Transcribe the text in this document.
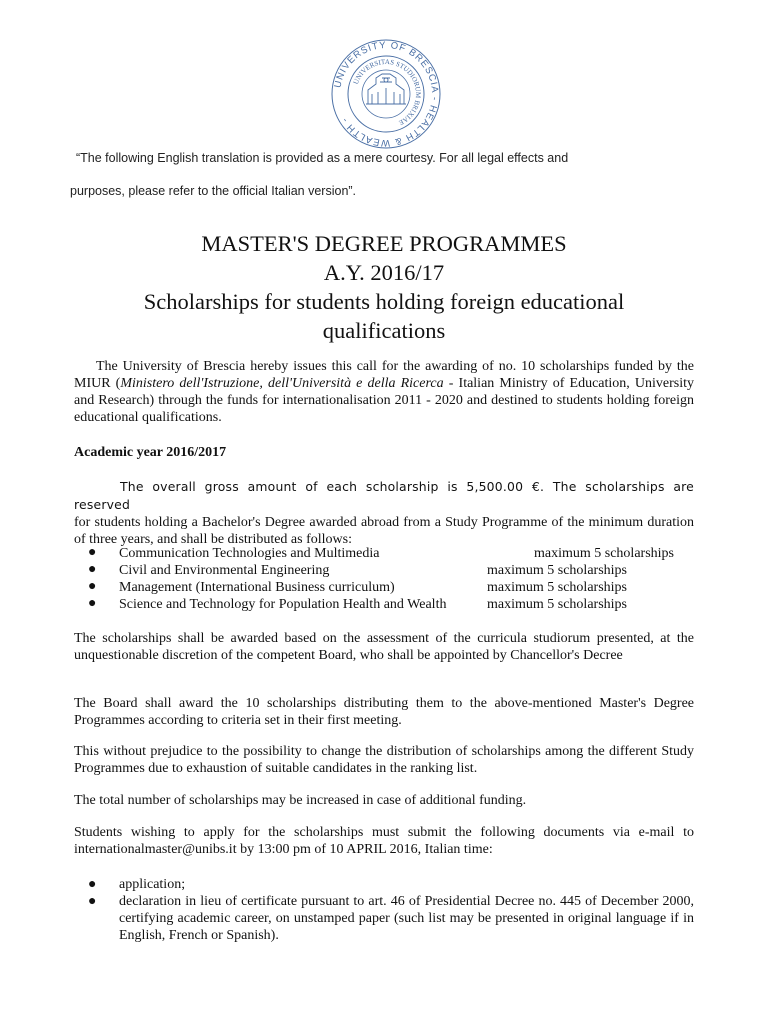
UNIVERSITY OF BRESCIA - HEALTH & WEALTH -
UNIVERSITAS STUDIORUM BRIXIAE
“The following English translation is provided as a mere courtesy. For all legal effects and
purposes, please refer to the official Italian version”.

MASTER'S DEGREE PROGRAMMES

A.Y. 2016/17

Scholarships for students holding foreign educational

qualifications

The University of Brescia hereby issues this call for the awarding of no. 10 scholarships funded by the MIUR (Ministero dell'Istruzione, dell'Università e della Ricerca - Italian Ministry of Education, University and Research) through the funds for internationalisation 2011 - 2020 and destined to students holding foreign educational qualifications.

Academic year 2016/2017

The overall gross amount of each scholarship is 5,500.00 €. The scholarships are reserved

for students holding a Bachelor's Degree awarded abroad from a Study Programme of the minimum duration of three years, and shall be distributed as follows:

● Communication Technologies and Multimedia	maximum 5 scholarships
● Civil and Environmental Engineering	maximum 5 scholarships
● Management (International Business curriculum)	maximum 5 scholarships
● Science and Technology for Population Health and Wealth	maximum 5 scholarships
The scholarships shall be awarded based on the assessment of the curricula studiorum presented, at the unquestionable discretion of the competent Board, who shall be appointed by Chancellor's Decree
The Board shall award the 10 scholarships distributing them to the above-mentioned Master's Degree Programmes according to criteria set in their first meeting.
This without prejudice to the possibility to change the distribution of scholarships among the different Study Programmes due to exhaustion of suitable candidates in the ranking list.
The total number of scholarships may be increased in case of additional funding.
Students wishing to apply for the scholarships must submit the following documents via e-mail to internationalmaster@unibs.it by 13:00 pm of 10 APRIL 2016, Italian time:
● application;
● declaration in lieu of certificate pursuant to art. 46 of Presidential Decree no. 445 of December 2000, certifying academic career, on unstamped paper (such list may be presented in original language if in English, French or Spanish).
